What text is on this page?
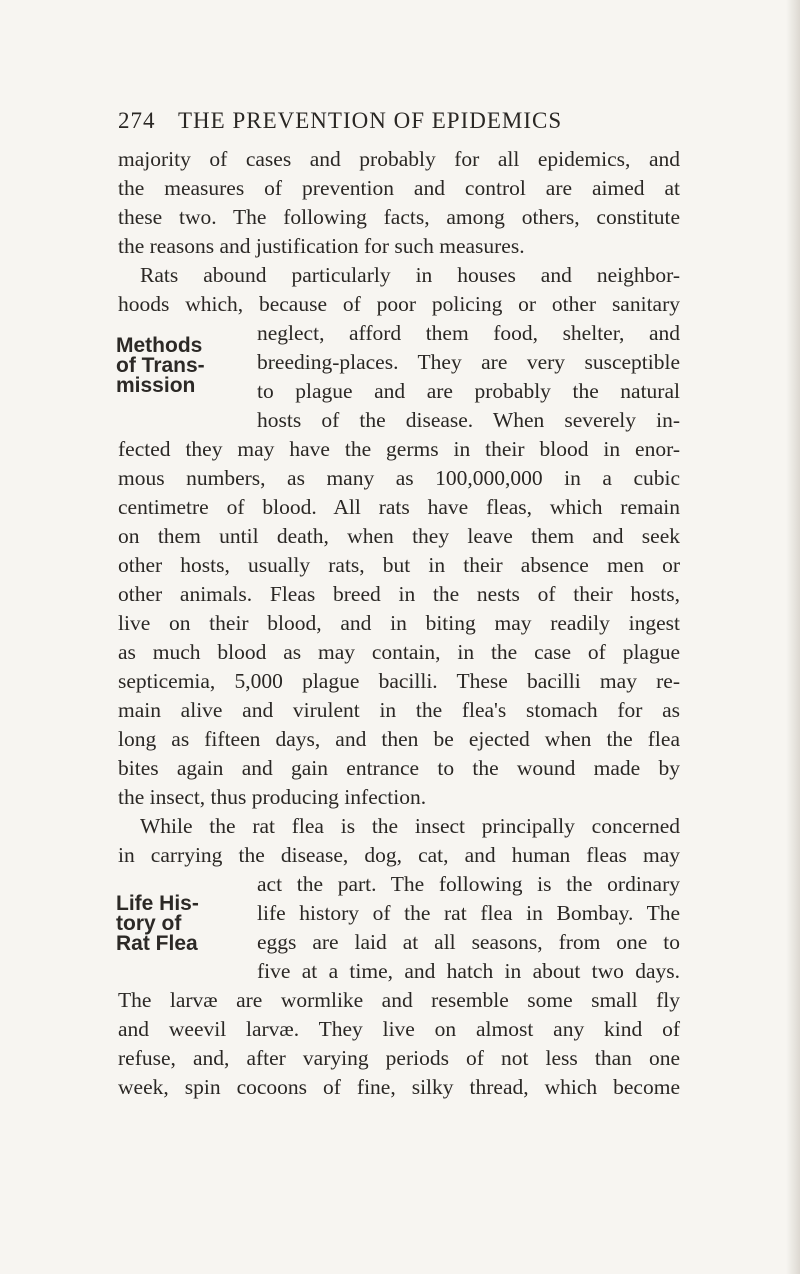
274 THE PREVENTION OF EPIDEMICS
majority of cases and probably for all epidemics, and
the measures of prevention and control are aimed at
these two. The following facts, among others, constitute
the reasons and justification for such measures.
Rats abound particularly in houses and neighbor-
hoods which, because of poor policing or other sanitary
neglect, afford them food, shelter, and
breeding-places. They are very susceptible
to plague and are probably the natural
hosts of the disease. When severely in-
fected they may have the germs in their blood in enor-
mous numbers, as many as 100,000,000 in a cubic
centimetre of blood. All rats have fleas, which remain
on them until death, when they leave them and seek
other hosts, usually rats, but in their absence men or
other animals. Fleas breed in the nests of their hosts,
live on their blood, and in biting may readily ingest
as much blood as may contain, in the case of plague
septicemia, 5,000 plague bacilli. These bacilli may re-
main alive and virulent in the flea's stomach for as
long as fifteen days, and then be ejected when the flea
bites again and gain entrance to the wound made by
the insect, thus producing infection.
While the rat flea is the insect principally concerned
in carrying the disease, dog, cat, and human fleas may
act the part. The following is the ordinary
life history of the rat flea in Bombay. The
eggs are laid at all seasons, from one to
five at a time, and hatch in about two days.
The larvæ are wormlike and resemble some small fly
and weevil larvæ. They live on almost any kind of
refuse, and, after varying periods of not less than one
week, spin cocoons of fine, silky thread, which become
Methods
of Trans-
mission
Life His-
tory of
Rat Flea
